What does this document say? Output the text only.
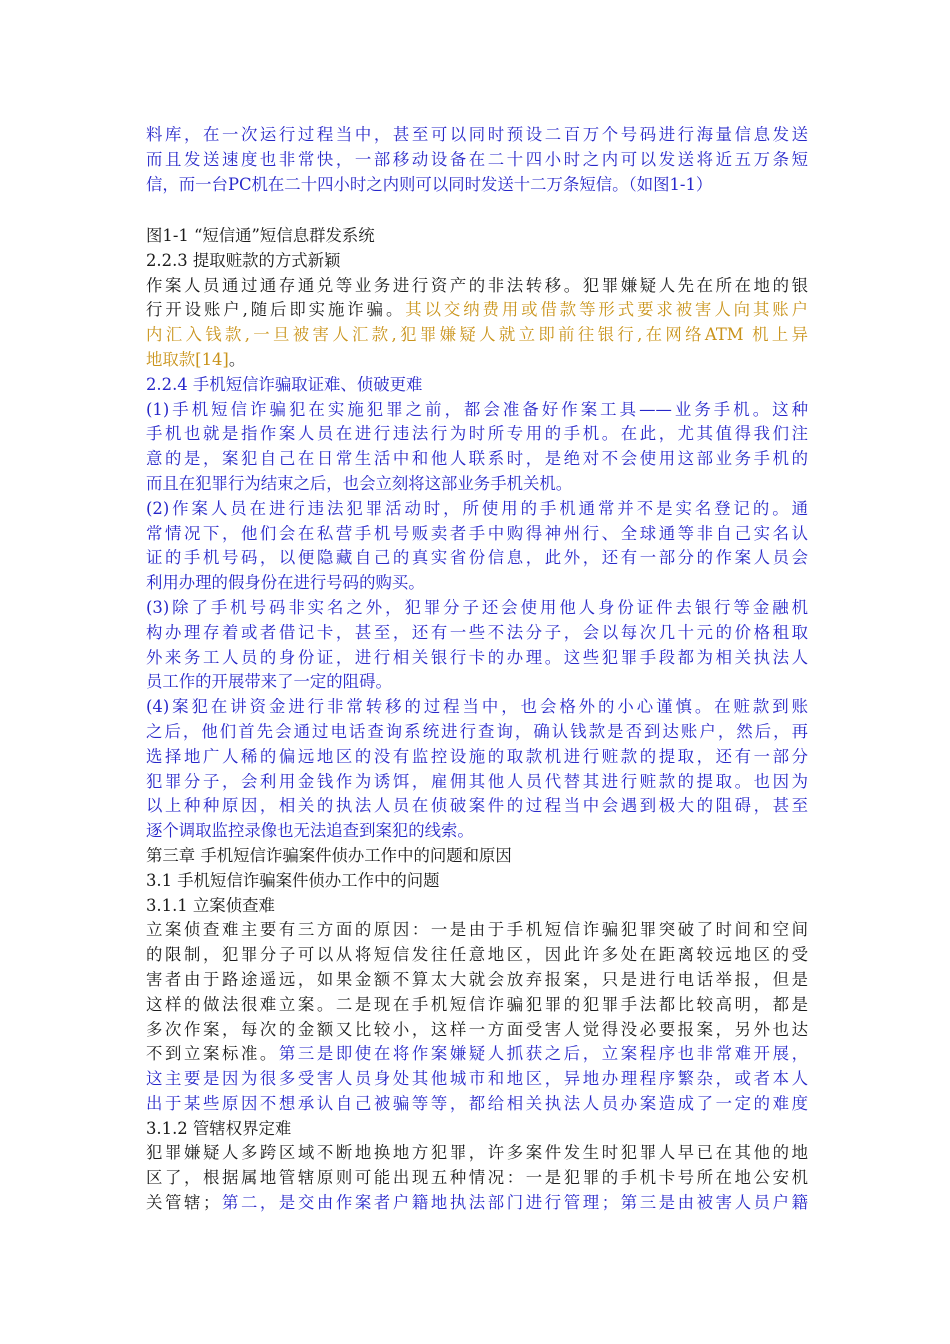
料库，在一次运行过程当中，甚至可以同时预设二百万个号码进行海量信息发送
而且发送速度也非常快，一部移动设备在二十四小时之内可以发送将近五万条短
信，而一台PC机在二十四小时之内则可以同时发送十二万条短信。（如图1-1）
图1-1 “短信通”短信息群发系统
2.2.3 提取赃款的方式新颖
作案人员通过通存通兑等业务进行资产的非法转移。犯罪嫌疑人先在所在地的银
行开设账户,随后即实施诈骗。其以交纳费用或借款等形式要求被害人向其账户
内汇入钱款,一旦被害人汇款,犯罪嫌疑人就立即前往银行,在网络ATM 机上异
地取款[14]。
2.2.4 手机短信诈骗取证难、侦破更难
(1)手机短信诈骗犯在实施犯罪之前，都会准备好作案工具——业务手机。这种
手机也就是指作案人员在进行违法行为时所专用的手机。在此，尤其值得我们注
意的是，案犯自己在日常生活中和他人联系时，是绝对不会使用这部业务手机的
而且在犯罪行为结束之后，也会立刻将这部业务手机关机。
(2)作案人员在进行违法犯罪活动时，所使用的手机通常并不是实名登记的。通
常情况下，他们会在私营手机号贩卖者手中购得神州行、全球通等非自己实名认
证的手机号码，以便隐藏自己的真实省份信息，此外，还有一部分的作案人员会
利用办理的假身份在进行号码的购买。
(3)除了手机号码非实名之外，犯罪分子还会使用他人身份证件去银行等金融机
构办理存着或者借记卡，甚至，还有一些不法分子，会以每次几十元的价格租取
外来务工人员的身份证，进行相关银行卡的办理。这些犯罪手段都为相关执法人
员工作的开展带来了一定的阻碍。
(4)案犯在讲资金进行非常转移的过程当中，也会格外的小心谨慎。在赃款到账
之后，他们首先会通过电话查询系统进行查询，确认钱款是否到达账户，然后，再
选择地广人稀的偏远地区的没有监控设施的取款机进行赃款的提取，还有一部分
犯罪分子，会利用金钱作为诱饵，雇佣其他人员代替其进行赃款的提取。也因为
以上种种原因，相关的执法人员在侦破案件的过程当中会遇到极大的阻碍，甚至
逐个调取监控录像也无法追查到案犯的线索。
第三章 手机短信诈骗案件侦办工作中的问题和原因
3.1 手机短信诈骗案件侦办工作中的问题
3.1.1 立案侦查难
立案侦查难主要有三方面的原因：一是由于手机短信诈骗犯罪突破了时间和空间
的限制，犯罪分子可以从将短信发往任意地区，因此许多处在距离较远地区的受
害者由于路途遥远，如果金额不算太大就会放弃报案，只是进行电话举报，但是
这样的做法很难立案。二是现在手机短信诈骗犯罪的犯罪手法都比较高明，都是
多次作案，每次的金额又比较小，这样一方面受害人觉得没必要报案，另外也达
不到立案标准。第三是即使在将作案嫌疑人抓获之后，立案程序也非常难开展，
这主要是因为很多受害人员身处其他城市和地区，异地办理程序繁杂，或者本人
出于某些原因不想承认自己被骗等等，都给相关执法人员办案造成了一定的难度
3.1.2 管辖权界定难
犯罪嫌疑人多跨区域不断地换地方犯罪，许多案件发生时犯罪人早已在其他的地
区了，根据属地管辖原则可能出现五种情况：一是犯罪的手机卡号所在地公安机
关管辖；第二，是交由作案者户籍地执法部门进行管理；第三是由被害人员户籍
